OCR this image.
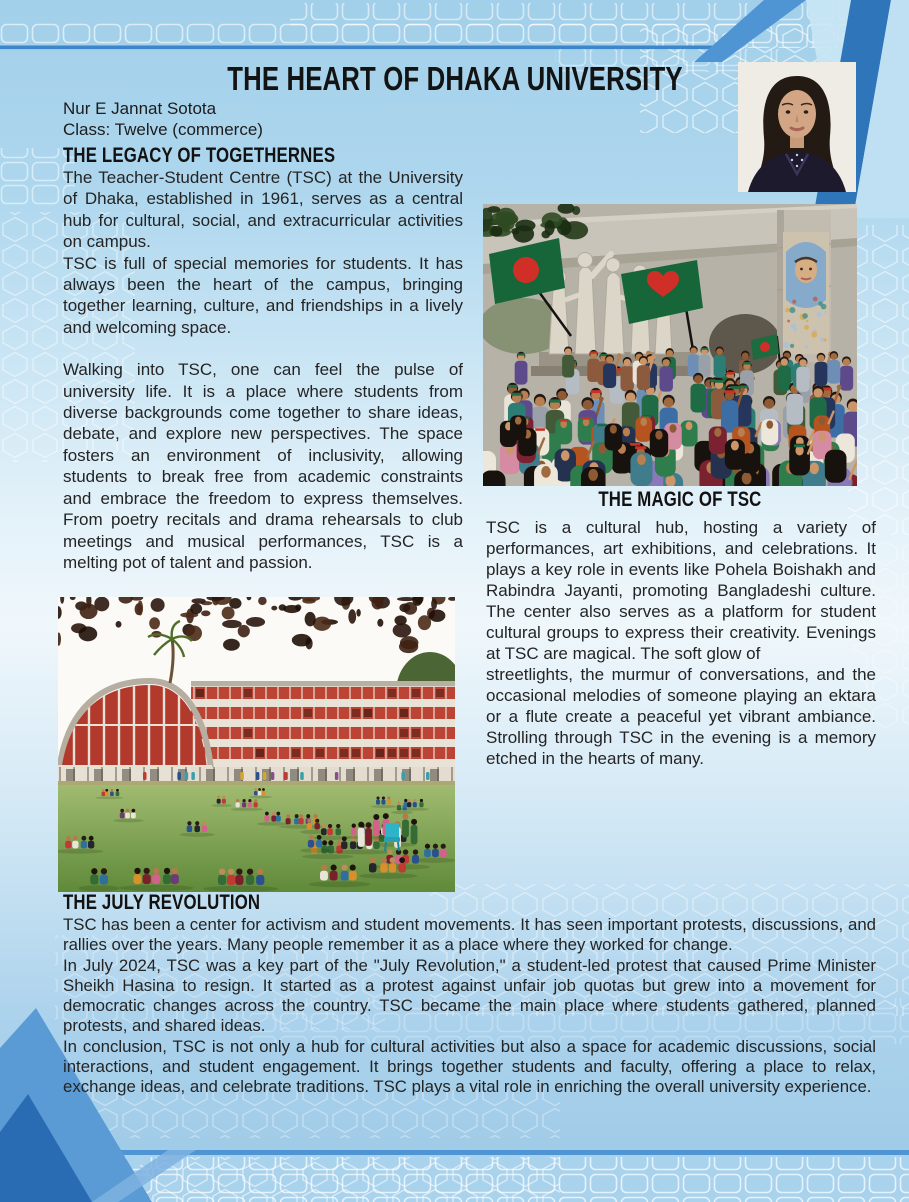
THE HEART OF DHAKA UNIVERSITY
Nur E Jannat Sotota
Class: Twelve (commerce)
THE LEGACY OF TOGETHERNES

The Teacher-Student Centre (TSC) at the University of Dhaka, established in 1961, serves as a central hub for cultural, social, and extracurricular activities on campus.

TSC is full of special memories for students. It has always been the heart of the campus, bringing together learning, culture, and friendships in a lively and welcoming space.

Walking into TSC, one can feel the pulse of university life. It is a place where students from diverse backgrounds come together to share ideas, debate, and explore new perspectives. The space fosters an environment of inclusivity, allowing students to break free from academic constraints and embrace the freedom to express themselves. From poetry recitals and drama rehearsals to club meetings and musical performances, TSC is a melting pot of talent and passion.

THE MAGIC OF TSC

TSC is a cultural hub, hosting a variety of performances, art exhibitions, and celebrations. It plays a key role in events like Pohela Boishakh and Rabindra Jayanti, promoting Bangladeshi culture. The center also serves as a platform for student cultural groups to express their creativity. Evenings at TSC are magical. The soft glow of

streetlights, the murmur of conversations, and the occasional melodies of someone playing an ektara or a flute create a peaceful yet vibrant ambiance. Strolling through TSC in the evening is a memory etched in the hearts of many.

THE JULY REVOLUTION

TSC has been a center for activism and student movements. It has seen important protests, discussions, and rallies over the years. Many people remember it as a place where they worked for change.

In July 2024, TSC was a key part of the "July Revolution," a student-led protest that caused Prime Minister Sheikh Hasina to resign. It started as a protest against unfair job quotas but grew into a movement for democratic changes across the country. TSC became the main place where students gathered, planned protests, and shared ideas.

In conclusion, TSC is not only a hub for cultural activities but also a space for academic discussions, social interactions, and student engagement. It brings together students and faculty, offering a place to relax, exchange ideas, and celebrate traditions. TSC plays a vital role in enriching the overall university experience.
